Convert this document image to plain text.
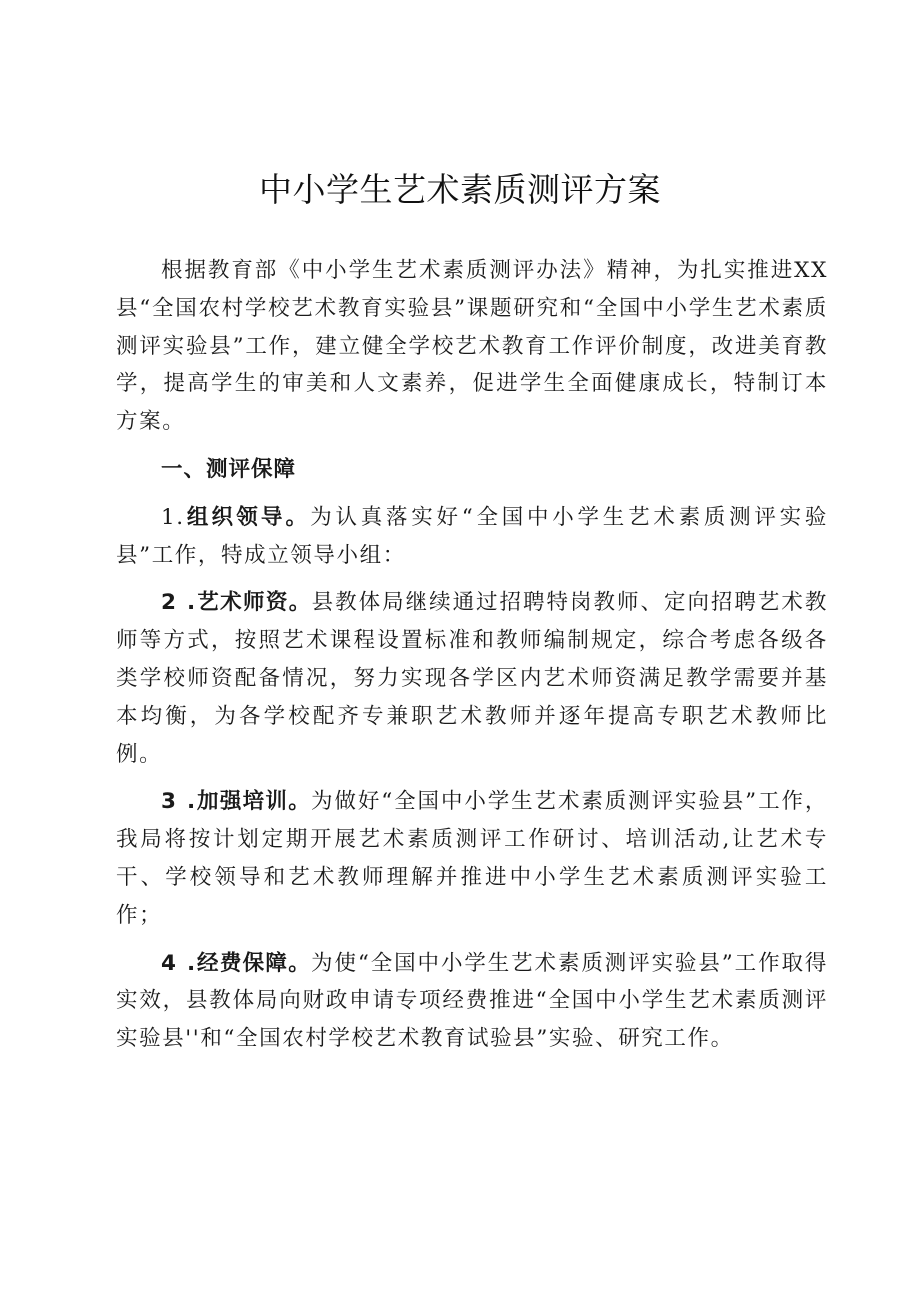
中小学生艺术素质测评方案

根据教育部《中小学生艺术素质测评办法》精神，为扎实推进XX县“全国农村学校艺术教育实验县”课题研究和“全国中小学生艺术素质测评实验县”工作，建立健全学校艺术教育工作评价制度，改进美育教学，提高学生的审美和人文素养，促进学生全面健康成长，特制订本方案。

一、测评保障

1.组织领导。为认真落实好“全国中小学生艺术素质测评实验县”工作，特成立领导小组：

2 .艺术师资。县教体局继续通过招聘特岗教师、定向招聘艺术教师等方式，按照艺术课程设置标准和教师编制规定，综合考虑各级各类学校师资配备情况，努力实现各学区内艺术师资满足教学需要并基本均衡，为各学校配齐专兼职艺术教师并逐年提高专职艺术教师比例。

3 .加强培训。为做好“全国中小学生艺术素质测评实验县”工作，我局将按计划定期开展艺术素质测评工作研讨、培训活动,让艺术专干、学校领导和艺术教师理解并推进中小学生艺术素质测评实验工作；

4 .经费保障。为使“全国中小学生艺术素质测评实验县”工作取得实效，县教体局向财政申请专项经费推进“全国中小学生艺术素质测评实验县''和“全国农村学校艺术教育试验县”实验、研究工作。
